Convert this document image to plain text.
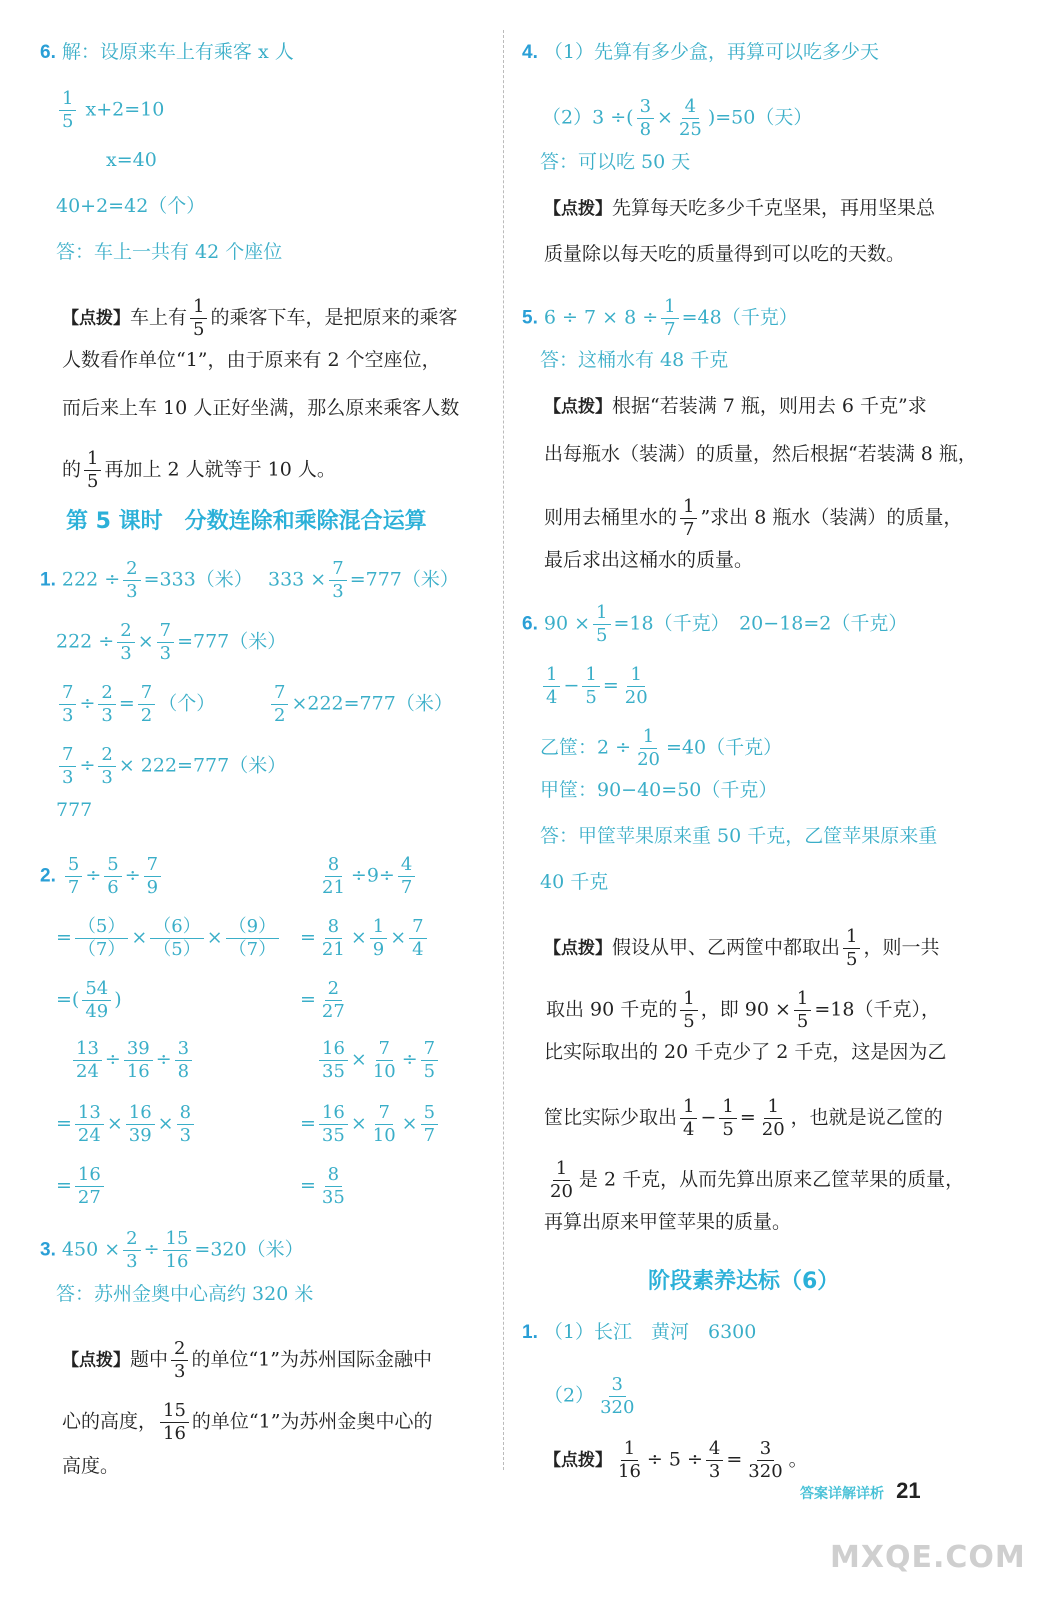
6. 解：设原来车上有乘客 x 人
$\frac{1}{5} x+2=10$
x=40
40+2=42（个）
答：车上一共有 42 个座位
【点拨】车上有 $\frac{1}{5}$ 的乘客下车，是把原来的乘客
人数看作单位“1”，由于原来有 2 个空座位，
而后来上车 10 人正好坐满，那么原来乘客人数
的 $\frac{1}{5}$ 再加上 2 人就等于 10 人。
第 5 课时　分数连除和乘除混合运算
1. $222 \div \frac{2}{3} =333$（米） $333 \times \frac{7}{3} =777$（米）
$222 \div \frac{2}{3} \times \frac{7}{3} =777$（米）
$\frac{7}{3} \div \frac{2}{3} = \frac{7}{2}$ （个）	$\frac{7}{2} \times 222=777$（米）
$\frac{7}{3} \div \frac{2}{3} \times 222=777$（米）
777
2. $\frac{5}{7} \div \frac{5}{6} \div \frac{7}{9}$
= $\frac{(5)}{(7)} \times \frac{(6)}{(5)} \times \frac{(9)}{(7)}$
=( $\frac{54}{49}$ )
$\frac{13}{24} \div \frac{39}{16} \div \frac{3}{8}$
= $\frac{13}{24} \times \frac{16}{39} \times \frac{8}{3}$
= $\frac{16}{27}$
$\frac{8}{21} \div 9\div \frac{4}{7}$
= $\frac{8}{21} \times \frac{1}{9} \times \frac{7}{4}$
= $\frac{2}{27}$
$\frac{16}{35} \times \frac{7}{10} \div \frac{7}{5}$
= $\frac{16}{35} \times \frac{7}{10} \times \frac{5}{7}$
= $\frac{8}{35}$
3. $450 \times \frac{2}{3} \div \frac{15}{16} =320$（米）
答：苏州金奥中心高约 320 米
【点拨】题中 $\frac{2}{3}$ 的单位“1”为苏州国际金融中
心的高度， $\frac{15}{16}$ 的单位“1”为苏州金奥中心的
高度。
4. （1）先算有多少盒，再算可以吃多少天
（2）3 ÷( $\frac{3}{8} \times \frac{4}{25} )=50$（天）
答：可以吃 50 天
【点拨】先算每天吃多少千克坚果，再用坚果总
质量除以每天吃的质量得到可以吃的天数。
5. $6 \div 7 \times 8 \div \frac{1}{7} =48$（千克）
答：这桶水有 48 千克
【点拨】根据“若装满 7 瓶，则用去 6 千克”求
出每瓶水（装满）的质量，然后根据“若装满 8 瓶，
则用去桶里水的 $\frac{1}{7}$ ”求出 8 瓶水（装满）的质量，
最后求出这桶水的质量。
6. $90 \times \frac{1}{5} =18$（千克）　20−18=2（千克）
$\frac{1}{4} - \frac{1}{5} = \frac{1}{20}$
乙筐：$2 \div \frac{1}{20} =40$（千克）
甲筐：90−40=50（千克）
答：甲筐苹果原来重 50 千克，乙筐苹果原来重
40 千克
【点拨】假设从甲、乙两筐中都取出 $\frac{1}{5}$ ，则一共
取出 90 千克的 $\frac{1}{5}$ ，即 $90 \times \frac{1}{5} =18$（千克），
比实际取出的 20 千克少了 2 千克，这是因为乙
筐比实际少取出 $\frac{1}{4} - \frac{1}{5} = \frac{1}{20}$ ，也就是说乙筐的
$\frac{1}{20}$ 是 2 千克，从而先算出原来乙筐苹果的质量，
再算出原来甲筐苹果的质量。
阶段素养达标（6）
1. （1）长江　黄河　6300
$(2) \frac{3}{320}$
【点拨】 $\frac{1}{16} \div 5 \div \frac{4}{3} = \frac{3}{320}$ 。
答案详解详析 21
MXQE.COM
